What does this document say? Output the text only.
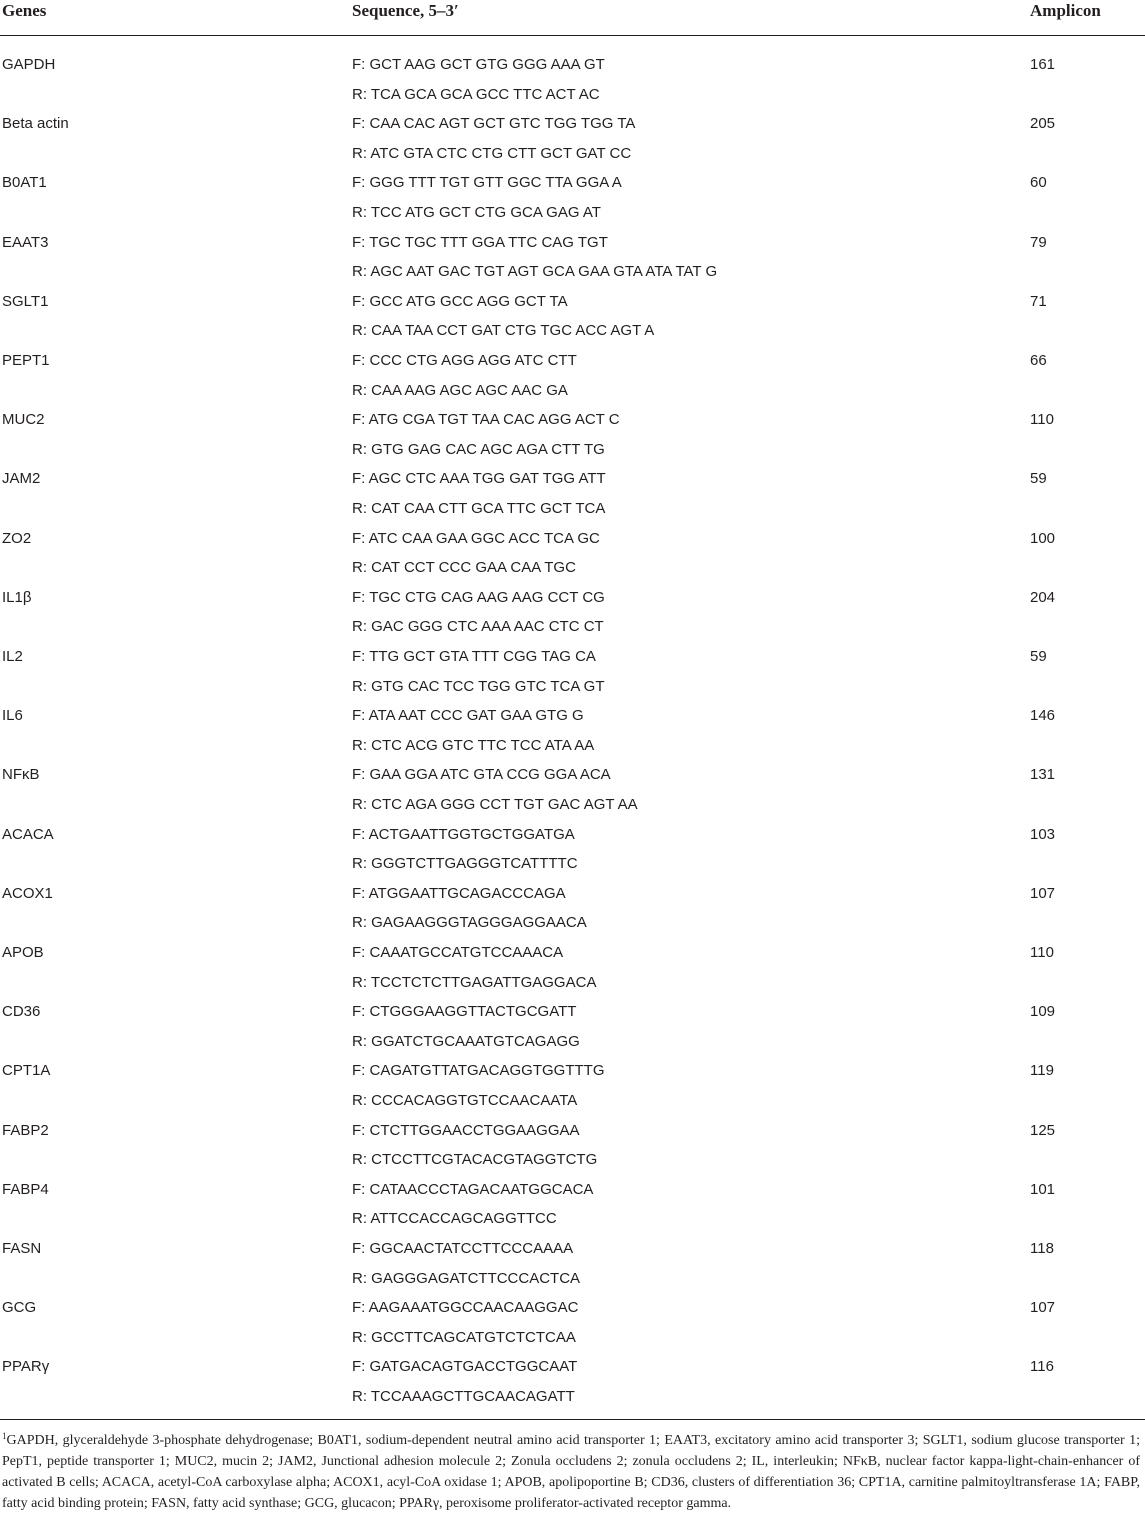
Genes	Sequence, 5–3′	Amplicon
GAPDH	F: GCT AAG GCT GTG GGG AAA GT	161
R: TCA GCA GCA GCC TTC ACT AC
Beta actin	F: CAA CAC AGT GCT GTC TGG TGG TA	205
R: ATC GTA CTC CTG CTT GCT GAT CC
B0AT1	F: GGG TTT TGT GTT GGC TTA GGA A	60
R: TCC ATG GCT CTG GCA GAG AT
EAAT3	F: TGC TGC TTT GGA TTC CAG TGT	79
R: AGC AAT GAC TGT AGT GCA GAA GTA ATA TAT G
SGLT1	F: GCC ATG GCC AGG GCT TA	71
R: CAA TAA CCT GAT CTG TGC ACC AGT A
PEPT1	F: CCC CTG AGG AGG ATC CTT	66
R: CAA AAG AGC AGC AAC GA
MUC2	F: ATG CGA TGT TAA CAC AGG ACT C	110
R: GTG GAG CAC AGC AGA CTT TG
JAM2	F: AGC CTC AAA TGG GAT TGG ATT	59
R: CAT CAA CTT GCA TTC GCT TCA
ZO2	F: ATC CAA GAA GGC ACC TCA GC	100
R: CAT CCT CCC GAA CAA TGC
IL1β	F: TGC CTG CAG AAG AAG CCT CG	204
R: GAC GGG CTC AAA AAC CTC CT
IL2	F: TTG GCT GTA TTT CGG TAG CA	59
R: GTG CAC TCC TGG GTC TCA GT
IL6	F: ATA AAT CCC GAT GAA GTG G	146
R: CTC ACG GTC TTC TCC ATA AA
NFκB	F: GAA GGA ATC GTA CCG GGA ACA	131
R: CTC AGA GGG CCT TGT GAC AGT AA
ACACA	F: ACTGAATTGGTGCTGGATGA	103
R: GGGTCTTGAGGGTCATTTTC
ACOX1	F: ATGGAATTGCAGACCCAGA	107
R: GAGAAGGGTAGGGAGGAACA
APOB	F: CAAATGCCATGTCCAAACA	110
R: TCCTCTCTTGAGATTGAGGACA
CD36	F: CTGGGAAGGTTACTGCGATT	109
R: GGATCTGCAAATGTCAGAGG
CPT1A	F: CAGATGTTATGACAGGTGGTTTG	119
R: CCCACAGGTGTCCAACAATA
FABP2	F: CTCTTGGAACCTGGAAGGAA	125
R: CTCCTTCGTACACGTAGGTCTG
FABP4	F: CATAACCCTAGACAATGGCACA	101
R: ATTCCACCAGCAGGTTCC
FASN	F: GGCAACTATCCTTCCCAAAA	118
R: GAGGGAGATCTTCCCACTCA
GCG	F: AAGAAATGGCCAACAAGGAC	107
R: GCCTTCAGCATGTCTCTCAA
PPARγ	F: GATGACAGTGACCTGGCAAT	116
R: TCCAAAGCTTGCAACAGATT
$^1$GAPDH, glyceraldehyde 3-phosphate dehydrogenase; B0AT1, sodium-dependent neutral amino acid transporter 1; EAAT3, excitatory amino acid transporter 3; SGLT1, sodium glucose transporter 1; PepT1, peptide transporter 1; MUC2, mucin 2; JAM2, Junctional adhesion molecule 2; Zonula occludens 2; zonula occludens 2; IL, interleukin; NFκB, nuclear factor kappa-light-chain-enhancer of activated B cells; ACACA, acetyl-CoA carboxylase alpha; ACOX1, acyl-CoA oxidase 1; APOB, apolipoportine B; CD36, clusters of differentiation 36; CPT1A, carnitine palmitoyltransferase 1A; FABP, fatty acid binding protein; FASN, fatty acid synthase; GCG, glucacon; PPARγ, peroxisome proliferator-activated receptor gamma.
